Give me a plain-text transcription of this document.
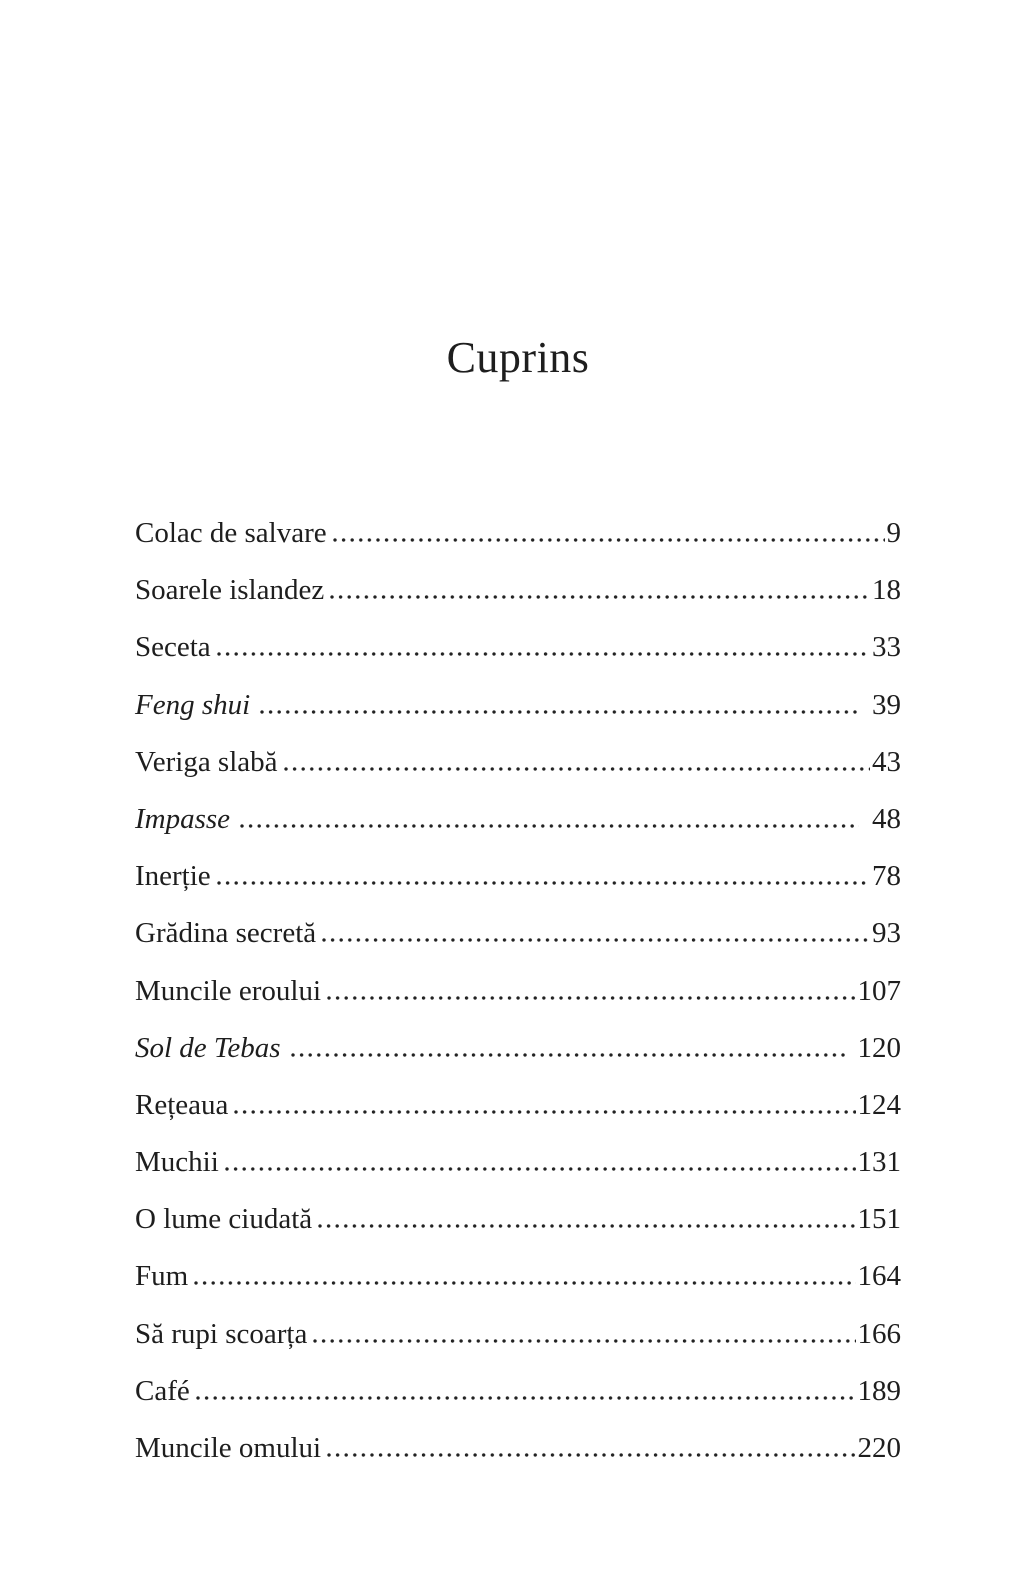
Cuprins
Colac de salvare	9
Soarele islandez	18
Seceta	33
Feng shui	39
Veriga slabă	43
Impasse	48
Inerție	78
Grădina secretă	93
Muncile eroului	107
Sol de Tebas	120
Rețeaua	124
Muchii	131
O lume ciudată	151
Fum	164
Să rupi scoarța	166
Café	189
Muncile omului	220
